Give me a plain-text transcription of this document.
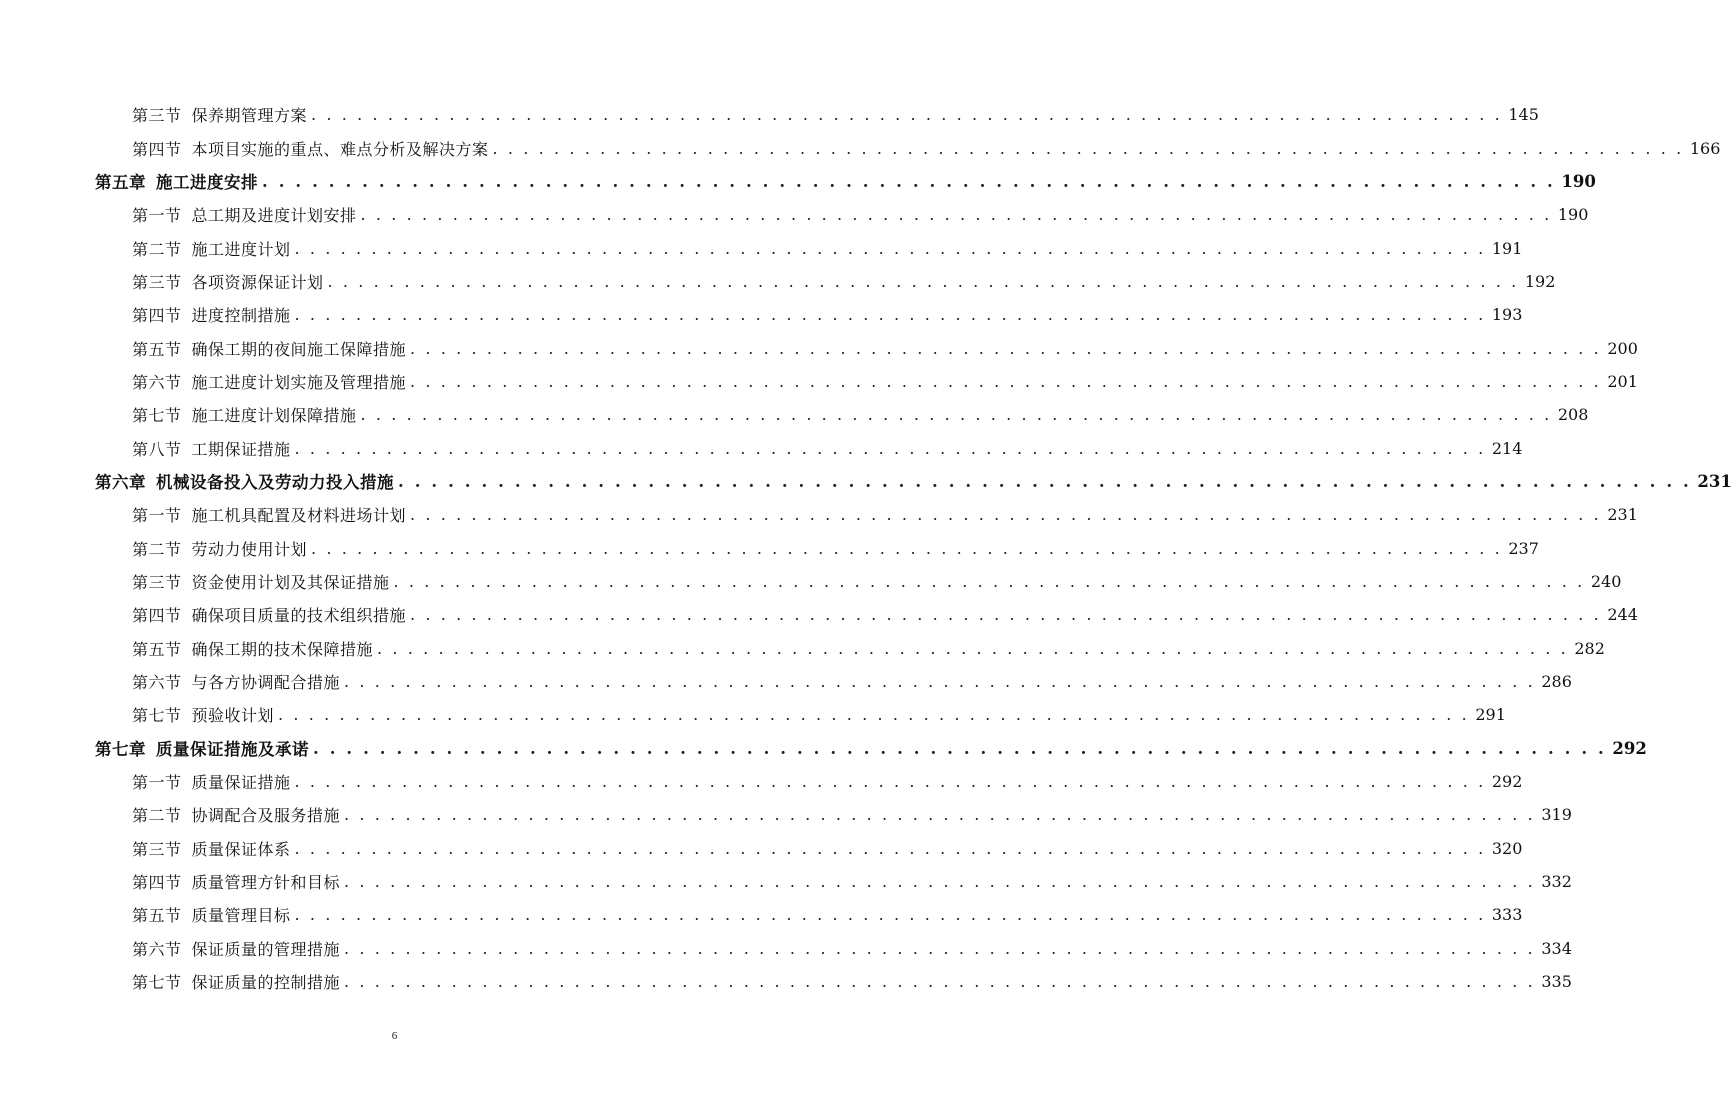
第三节 保养期管理方案 . . . . . . . . . . . . . . . . . . . . . . . . . . . . . . . . . . . . . . . . . . . . . . . . . . . . . . . . . . . . . . . . . . . . . . . . . . . . . . 145
第四节 本项目实施的重点、难点分析及解决方案 . . . . . . . . . . . . . . . . . . . . . . . . . . . . . . . . . . . . . . . . . . . . . . . . . . . . . . . . . . . . . . . . . . . . . . . . . . . . . . 166
第五章 施工进度安排 . . . . . . . . . . . . . . . . . . . . . . . . . . . . . . . . . . . . . . . . . . . . . . . . . . . . . . . . . . . . . . . . . . . . . . . . . . . . . . 190
第一节 总工期及进度计划安排 . . . . . . . . . . . . . . . . . . . . . . . . . . . . . . . . . . . . . . . . . . . . . . . . . . . . . . . . . . . . . . . . . . . . . . . . . . . . . . 190
第二节 施工进度计划 . . . . . . . . . . . . . . . . . . . . . . . . . . . . . . . . . . . . . . . . . . . . . . . . . . . . . . . . . . . . . . . . . . . . . . . . . . . . . . 191
第三节 各项资源保证计划 . . . . . . . . . . . . . . . . . . . . . . . . . . . . . . . . . . . . . . . . . . . . . . . . . . . . . . . . . . . . . . . . . . . . . . . . . . . . . . 192
第四节 进度控制措施 . . . . . . . . . . . . . . . . . . . . . . . . . . . . . . . . . . . . . . . . . . . . . . . . . . . . . . . . . . . . . . . . . . . . . . . . . . . . . . 193
第五节 确保工期的夜间施工保障措施 . . . . . . . . . . . . . . . . . . . . . . . . . . . . . . . . . . . . . . . . . . . . . . . . . . . . . . . . . . . . . . . . . . . . . . . . . . . . . . 200
第六节 施工进度计划实施及管理措施 . . . . . . . . . . . . . . . . . . . . . . . . . . . . . . . . . . . . . . . . . . . . . . . . . . . . . . . . . . . . . . . . . . . . . . . . . . . . . . 201
第七节 施工进度计划保障措施 . . . . . . . . . . . . . . . . . . . . . . . . . . . . . . . . . . . . . . . . . . . . . . . . . . . . . . . . . . . . . . . . . . . . . . . . . . . . . . 208
第八节 工期保证措施 . . . . . . . . . . . . . . . . . . . . . . . . . . . . . . . . . . . . . . . . . . . . . . . . . . . . . . . . . . . . . . . . . . . . . . . . . . . . . . 214
第六章 机械设备投入及劳动力投入措施 . . . . . . . . . . . . . . . . . . . . . . . . . . . . . . . . . . . . . . . . . . . . . . . . . . . . . . . . . . . . . . . . . . . . . . . . . . . . . . 231
第一节 施工机具配置及材料进场计划 . . . . . . . . . . . . . . . . . . . . . . . . . . . . . . . . . . . . . . . . . . . . . . . . . . . . . . . . . . . . . . . . . . . . . . . . . . . . . . 231
第二节 劳动力使用计划 . . . . . . . . . . . . . . . . . . . . . . . . . . . . . . . . . . . . . . . . . . . . . . . . . . . . . . . . . . . . . . . . . . . . . . . . . . . . . . 237
第三节 资金使用计划及其保证措施 . . . . . . . . . . . . . . . . . . . . . . . . . . . . . . . . . . . . . . . . . . . . . . . . . . . . . . . . . . . . . . . . . . . . . . . . . . . . . . 240
第四节 确保项目质量的技术组织措施 . . . . . . . . . . . . . . . . . . . . . . . . . . . . . . . . . . . . . . . . . . . . . . . . . . . . . . . . . . . . . . . . . . . . . . . . . . . . . . 244
第五节 确保工期的技术保障措施 . . . . . . . . . . . . . . . . . . . . . . . . . . . . . . . . . . . . . . . . . . . . . . . . . . . . . . . . . . . . . . . . . . . . . . . . . . . . . . 282
第六节 与各方协调配合措施 . . . . . . . . . . . . . . . . . . . . . . . . . . . . . . . . . . . . . . . . . . . . . . . . . . . . . . . . . . . . . . . . . . . . . . . . . . . . . . 286
第七节 预验收计划 . . . . . . . . . . . . . . . . . . . . . . . . . . . . . . . . . . . . . . . . . . . . . . . . . . . . . . . . . . . . . . . . . . . . . . . . . . . . . . 291
第七章 质量保证措施及承诺 . . . . . . . . . . . . . . . . . . . . . . . . . . . . . . . . . . . . . . . . . . . . . . . . . . . . . . . . . . . . . . . . . . . . . . . . . . . . . . 292
第一节 质量保证措施 . . . . . . . . . . . . . . . . . . . . . . . . . . . . . . . . . . . . . . . . . . . . . . . . . . . . . . . . . . . . . . . . . . . . . . . . . . . . . . 292
第二节 协调配合及服务措施 . . . . . . . . . . . . . . . . . . . . . . . . . . . . . . . . . . . . . . . . . . . . . . . . . . . . . . . . . . . . . . . . . . . . . . . . . . . . . . 319
第三节 质量保证体系 . . . . . . . . . . . . . . . . . . . . . . . . . . . . . . . . . . . . . . . . . . . . . . . . . . . . . . . . . . . . . . . . . . . . . . . . . . . . . . 320
第四节 质量管理方针和目标 . . . . . . . . . . . . . . . . . . . . . . . . . . . . . . . . . . . . . . . . . . . . . . . . . . . . . . . . . . . . . . . . . . . . . . . . . . . . . . 332
第五节 质量管理目标 . . . . . . . . . . . . . . . . . . . . . . . . . . . . . . . . . . . . . . . . . . . . . . . . . . . . . . . . . . . . . . . . . . . . . . . . . . . . . . 333
第六节 保证质量的管理措施 . . . . . . . . . . . . . . . . . . . . . . . . . . . . . . . . . . . . . . . . . . . . . . . . . . . . . . . . . . . . . . . . . . . . . . . . . . . . . . 334
第七节 保证质量的控制措施 . . . . . . . . . . . . . . . . . . . . . . . . . . . . . . . . . . . . . . . . . . . . . . . . . . . . . . . . . . . . . . . . . . . . . . . . . . . . . . 335
6
